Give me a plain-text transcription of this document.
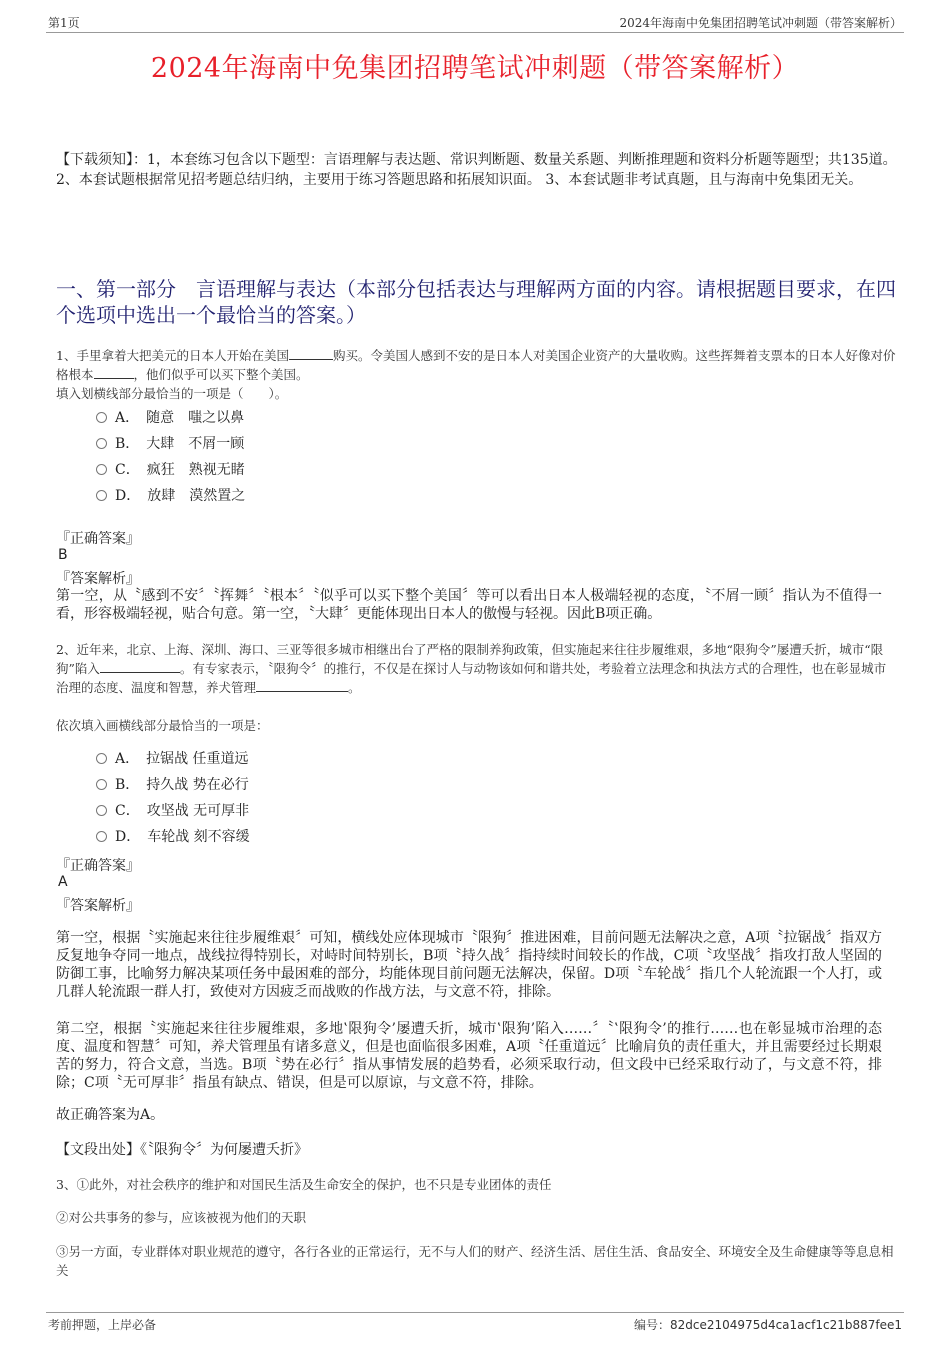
第1页	2024年海南中免集团招聘笔试冲刺题（带答案解析）
2024年海南中免集团招聘笔试冲刺题（带答案解析）
【下载须知】：1，本套练习包含以下题型：言语理解与表达题、常识判断题、数量关系题、判断推理题和资料分析题等题型；共135道。 2、本套试题根据常见招考题总结归纳，主要用于练习答题思路和拓展知识面。 3、本套试题非考试真题，且与海南中免集团无关。
一、第一部分　言语理解与表达（本部分包括表达与理解两方面的内容。请根据题目要求，在四个选项中选出一个最恰当的答案。）
1、手里拿着大把美元的日本人开始在美国	购买。令美国人感到不安的是日本人对美国企业资产的大量收购。这些挥舞着支票本的日本人好像对价格根本	，他们似乎可以买下整个美国。
填入划横线部分最恰当的一项是（　　）。
A．　随意　嗤之以鼻
B．　大肆　不屑一顾
C．　疯狂　熟视无睹
D．　放肆　漠然置之
『正确答案』
B
『答案解析』
第一空，从〝感到不安〞〝挥舞〞〝根本〞〝似乎可以买下整个美国〞等可以看出日本人极端轻视的态度，〝不屑一顾〞指认为不值得一看，形容极端轻视，贴合句意。第一空，〝大肆〞更能体现出日本人的傲慢与轻视。因此B项正确。
2、近年来，北京、上海、深圳、海口、三亚等很多城市相继出台了严格的限制养狗政策，但实施起来往往步履维艰，多地“限狗令”屡遭夭折，城市“限狗”陷入	。有专家表示，〝限狗令〞的推行，不仅是在探讨人与动物该如何和谐共处，考验着立法理念和执法方式的合理性，也在彰显城市治理的态度、温度和智慧，养犬管理	。
依次填入画横线部分最恰当的一项是：
A．　拉锯战 任重道远
B．　持久战 势在必行
C．　攻坚战 无可厚非
D．　车轮战 刻不容缓
『正确答案』
A
『答案解析』
第一空，根据〝实施起来往往步履维艰〞可知，横线处应体现城市〝限狗〞推进困难，目前问题无法解决之意，A项〝拉锯战〞指双方反复地争夺同一地点，战线拉得特别长，对峙时间特别长，B项〝持久战〞指持续时间较长的作战，C项〝攻坚战〞指攻打敌人坚固的防御工事，比喻努力解决某项任务中最困难的部分，均能体现目前问题无法解决，保留。D项〝车轮战〞指几个人轮流跟一个人打，或几群人轮流跟一群人打，致使对方因疲乏而战败的作战方法，与文意不符，排除。
第二空，根据〝实施起来往往步履维艰，多地‛限狗令’屡遭夭折，城市‛限狗’陷入……〞〝‛限狗令’的推行……也在彰显城市治理的态度、温度和智慧〞可知，养犬管理虽有诸多意义，但是也面临很多困难，A项〝任重道远〞比喻肩负的责任重大，并且需要经过长期艰苦的努力，符合文意，当选。B项〝势在必行〞指从事情发展的趋势看，必须采取行动，但文段中已经采取行动了，与文意不符，排除；C项〝无可厚非〞指虽有缺点、错误，但是可以原谅，与文意不符，排除。
故正确答案为A。
【文段出处】《〝限狗令〞为何屡遭夭折》
3、①此外，对社会秩序的维护和对国民生活及生命安全的保护，也不只是专业团体的责任
②对公共事务的参与，应该被视为他们的天职
③另一方面，专业群体对职业规范的遵守，各行各业的正常运行，无不与人们的财产、经济生活、居住生活、食品安全、环境安全及生命健康等等息息相关
考前押题，上岸必备	编号：82dce2104975d4ca1acf1c21b887fee1
